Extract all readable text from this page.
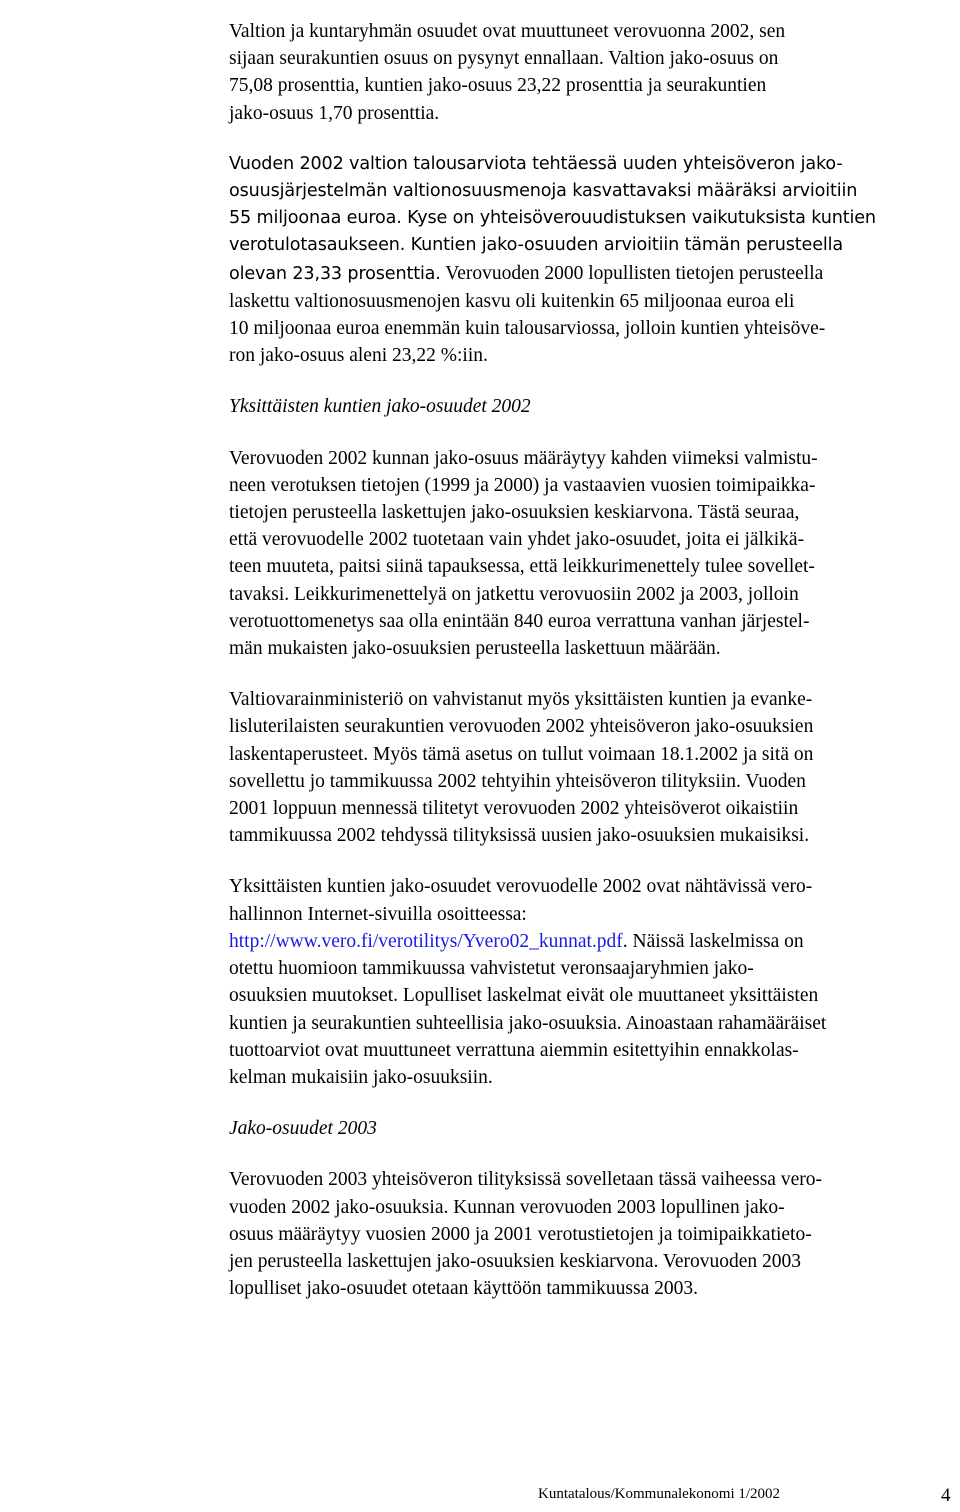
Valtion ja kuntaryhmän osuudet ovat muuttuneet verovuonna 2002, sen
sijaan seurakuntien osuus on pysynyt ennallaan. Valtion jako-osuus on
75,08 prosenttia, kuntien jako-osuus 23,22 prosenttia ja seurakuntien
jako-osuus 1,70 prosenttia.
Vuoden 2002 valtion talousarviota tehtäessä uuden yhteisöveron jako-
osuusjärjestelmän valtionosuusmenoja kasvattavaksi määräksi arvioitiin
55 miljoonaa euroa. Kyse on yhteisöverouudistuksen vaikutuksista kuntien
verotulotasaukseen. Kuntien jako-osuuden arvioitiin tämän perusteella
olevan 23,33 prosenttia. Verovuoden 2000 lopullisten tietojen perusteella
laskettu valtionosuusmenojen kasvu oli kuitenkin 65 miljoonaa euroa eli
10 miljoonaa euroa enemmän kuin talousarviossa, jolloin kuntien yhteisöve-
ron jako-osuus aleni 23,22 %:iin.
Yksittäisten kuntien jako-osuudet 2002
Verovuoden 2002 kunnan jako-osuus määräytyy kahden viimeksi valmistu-
neen verotuksen tietojen (1999 ja 2000) ja vastaavien vuosien toimipaikka-
tietojen perusteella laskettujen jako-osuuksien keskiarvona. Tästä seuraa,
että verovuodelle 2002 tuotetaan vain yhdet jako-osuudet, joita ei jälkikä-
teen muuteta, paitsi siinä tapauksessa, että leikkurimenettely tulee sovellet-
tavaksi. Leikkurimenettelyä on jatkettu verovuosiin 2002 ja 2003, jolloin
verotuottomenetys saa olla enintään 840 euroa verrattuna vanhan järjestel-
män mukaisten jako-osuuksien perusteella laskettuun määrään.
Valtiovarainministeriö on vahvistanut myös yksittäisten kuntien ja evanke-
lisluterilaisten seurakuntien verovuoden 2002 yhteisöveron jako-osuuksien
laskentaperusteet. Myös tämä asetus on tullut voimaan 18.1.2002 ja sitä on
sovellettu jo tammikuussa 2002 tehtyihin yhteisöveron tilityksiin. Vuoden
2001 loppuun mennessä tilitetyt verovuoden 2002 yhteisöverot oikaistiin
tammikuussa 2002 tehdyssä tilityksissä uusien jako-osuuksien mukaisiksi.
Yksittäisten kuntien jako-osuudet verovuodelle 2002 ovat nähtävissä vero-
hallinnon Internet-sivuilla osoitteessa:
http://www.vero.fi/verotilitys/Yvero02_kunnat.pdf. Näissä laskelmissa on
otettu huomioon tammikuussa vahvistetut veronsaajaryhmien jako-
osuuksien muutokset. Lopulliset laskelmat eivät ole muuttaneet yksittäisten
kuntien ja seurakuntien suhteellisia jako-osuuksia. Ainoastaan rahamääräiset
tuottoarviot ovat muuttuneet verrattuna aiemmin esitettyihin ennakkolas-
kelman mukaisiin jako-osuuksiin.
Jako-osuudet 2003
Verovuoden 2003 yhteisöveron tilityksissä sovelletaan tässä vaiheessa vero-
vuoden 2002 jako-osuuksia. Kunnan verovuoden 2003 lopullinen jako-
osuus määräytyy vuosien 2000 ja 2001 verotustietojen ja toimipaikkatieto-
jen perusteella laskettujen jako-osuuksien keskiarvona. Verovuoden 2003
lopulliset jako-osuudet otetaan käyttöön tammikuussa 2003.
Kuntatalous/Kommunalekonomi 1/2002	4
